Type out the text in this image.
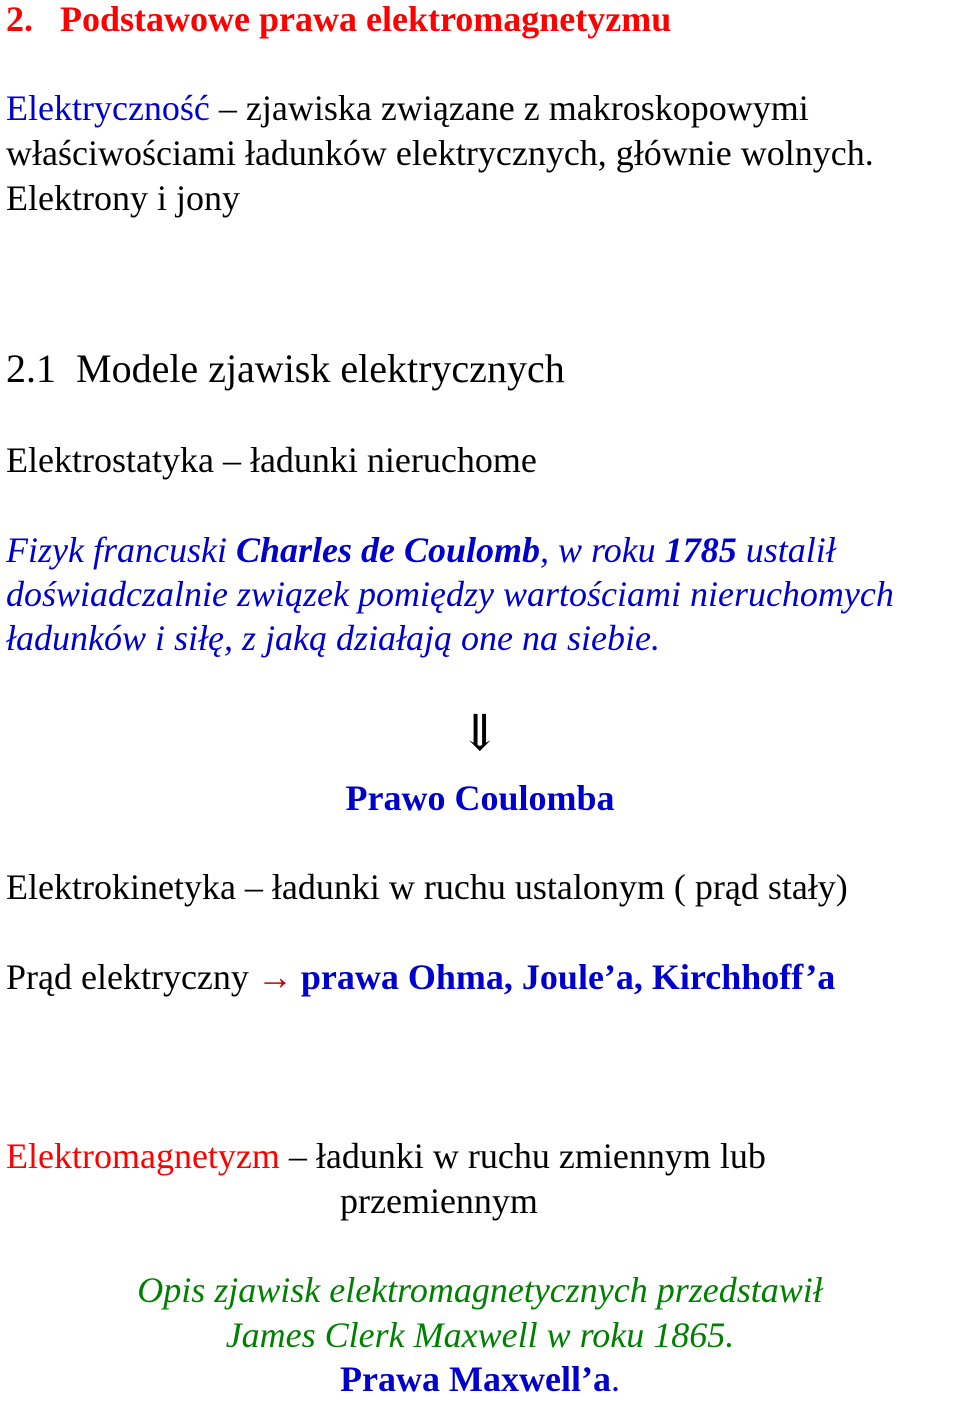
2. Podstawowe prawa elektromagnetyzmu
Elektryczność – zjawiska związane z makroskopowymi
właściwościami ładunków elektrycznych, głównie wolnych.
Elektrony i jony
2.1 Modele zjawisk elektrycznych
Elektrostatyka – ładunki nieruchome
Fizyk francuski Charles de Coulomb, w roku 1785 ustalił
doświadczalnie związek pomiędzy wartościami nieruchomych
ładunków i siłę, z jaką działają one na siebie.
⇓
Prawo Coulomba
Elektrokinetyka – ładunki w ruchu ustalonym ( prąd stały)
Prąd elektryczny → prawa Ohma, Joule’a, Kirchhoff’a
Elektromagnetyzm – ładunki w ruchu zmiennym lub
przemiennym
Opis zjawisk elektromagnetycznych przedstawił
James Clerk Maxwell w roku 1865.
Prawa Maxwell’a.
